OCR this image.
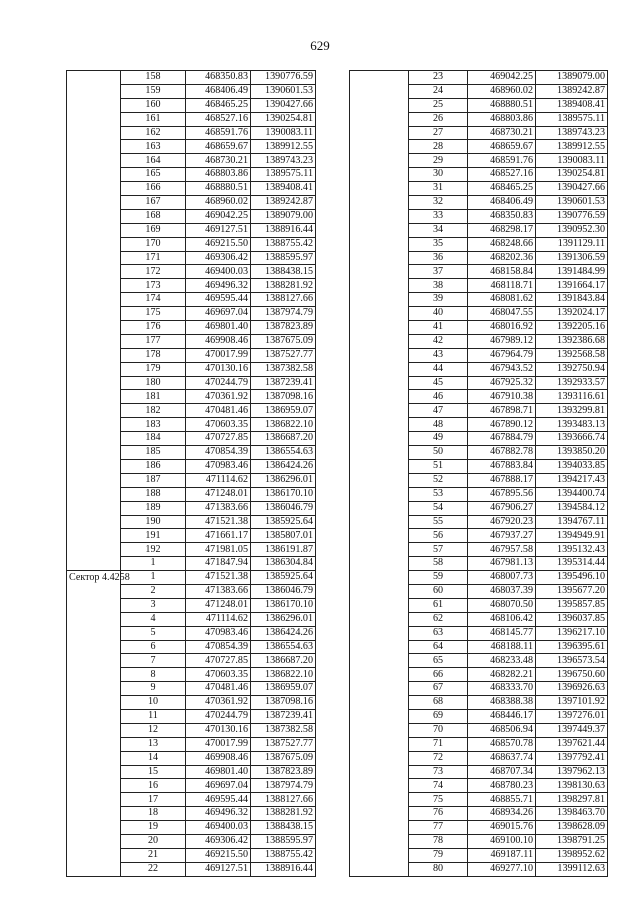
629
	158	468350.83	1390776.59
	159	468406.49	1390601.53
	160	468465.25	1390427.66
	161	468527.16	1390254.81
	162	468591.76	1390083.11
	163	468659.67	1389912.55
	164	468730.21	1389743.23
	165	468803.86	1389575.11
	166	468880.51	1389408.41
	167	468960.02	1389242.87
	168	469042.25	1389079.00
	169	469127.51	1388916.44
	170	469215.50	1388755.42
	171	469306.42	1388595.97
	172	469400.03	1388438.15
	173	469496.32	1388281.92
	174	469595.44	1388127.66
	175	469697.04	1387974.79
	176	469801.40	1387823.89
	177	469908.46	1387675.09
	178	470017.99	1387527.77
	179	470130.16	1387382.58
	180	470244.79	1387239.41
	181	470361.92	1387098.16
	182	470481.46	1386959.07
	183	470603.35	1386822.10
	184	470727.85	1386687.20
	185	470854.39	1386554.63
	186	470983.46	1386424.26
	187	471114.62	1386296.01
	188	471248.01	1386170.10
	189	471383.66	1386046.79
	190	471521.38	1385925.64
	191	471661.17	1385807.01
	192	471981.05	1386191.87
	1	471847.94	1386304.84
Сектор 4.4258	1	471521.38	1385925.64
	2	471383.66	1386046.79
	3	471248.01	1386170.10
	4	471114.62	1386296.01
	5	470983.46	1386424.26
	6	470854.39	1386554.63
	7	470727.85	1386687.20
	8	470603.35	1386822.10
	9	470481.46	1386959.07
	10	470361.92	1387098.16
	11	470244.79	1387239.41
	12	470130.16	1387382.58
	13	470017.99	1387527.77
	14	469908.46	1387675.09
	15	469801.40	1387823.89
	16	469697.04	1387974.79
	17	469595.44	1388127.66
	18	469496.32	1388281.92
	19	469400.03	1388438.15
	20	469306.42	1388595.97
	21	469215.50	1388755.42
	22	469127.51	1388916.44
	23	469042.25	1389079.00
	24	468960.02	1389242.87
	25	468880.51	1389408.41
	26	468803.86	1389575.11
	27	468730.21	1389743.23
	28	468659.67	1389912.55
	29	468591.76	1390083.11
	30	468527.16	1390254.81
	31	468465.25	1390427.66
	32	468406.49	1390601.53
	33	468350.83	1390776.59
	34	468298.17	1390952.30
	35	468248.66	1391129.11
	36	468202.36	1391306.59
	37	468158.84	1391484.99
	38	468118.71	1391664.17
	39	468081.62	1391843.84
	40	468047.55	1392024.17
	41	468016.92	1392205.16
	42	467989.12	1392386.68
	43	467964.79	1392568.58
	44	467943.52	1392750.94
	45	467925.32	1392933.57
	46	467910.38	1393116.61
	47	467898.71	1393299.81
	48	467890.12	1393483.13
	49	467884.79	1393666.74
	50	467882.78	1393850.20
	51	467883.84	1394033.85
	52	467888.17	1394217.43
	53	467895.56	1394400.74
	54	467906.27	1394584.12
	55	467920.23	1394767.11
	56	467937.27	1394949.91
	57	467957.58	1395132.43
	58	467981.13	1395314.44
	59	468007.73	1395496.10
	60	468037.39	1395677.20
	61	468070.50	1395857.85
	62	468106.42	1396037.85
	63	468145.77	1396217.10
	64	468188.11	1396395.61
	65	468233.48	1396573.54
	66	468282.21	1396750.60
	67	468333.70	1396926.63
	68	468388.38	1397101.92
	69	468446.17	1397276.01
	70	468506.94	1397449.37
	71	468570.78	1397621.44
	72	468637.74	1397792.41
	73	468707.34	1397962.13
	74	468780.23	1398130.63
	75	468855.71	1398297.81
	76	468934.26	1398463.70
	77	469015.76	1398628.09
	78	469100.10	1398791.25
	79	469187.11	1398952.62
	80	469277.10	1399112.63
